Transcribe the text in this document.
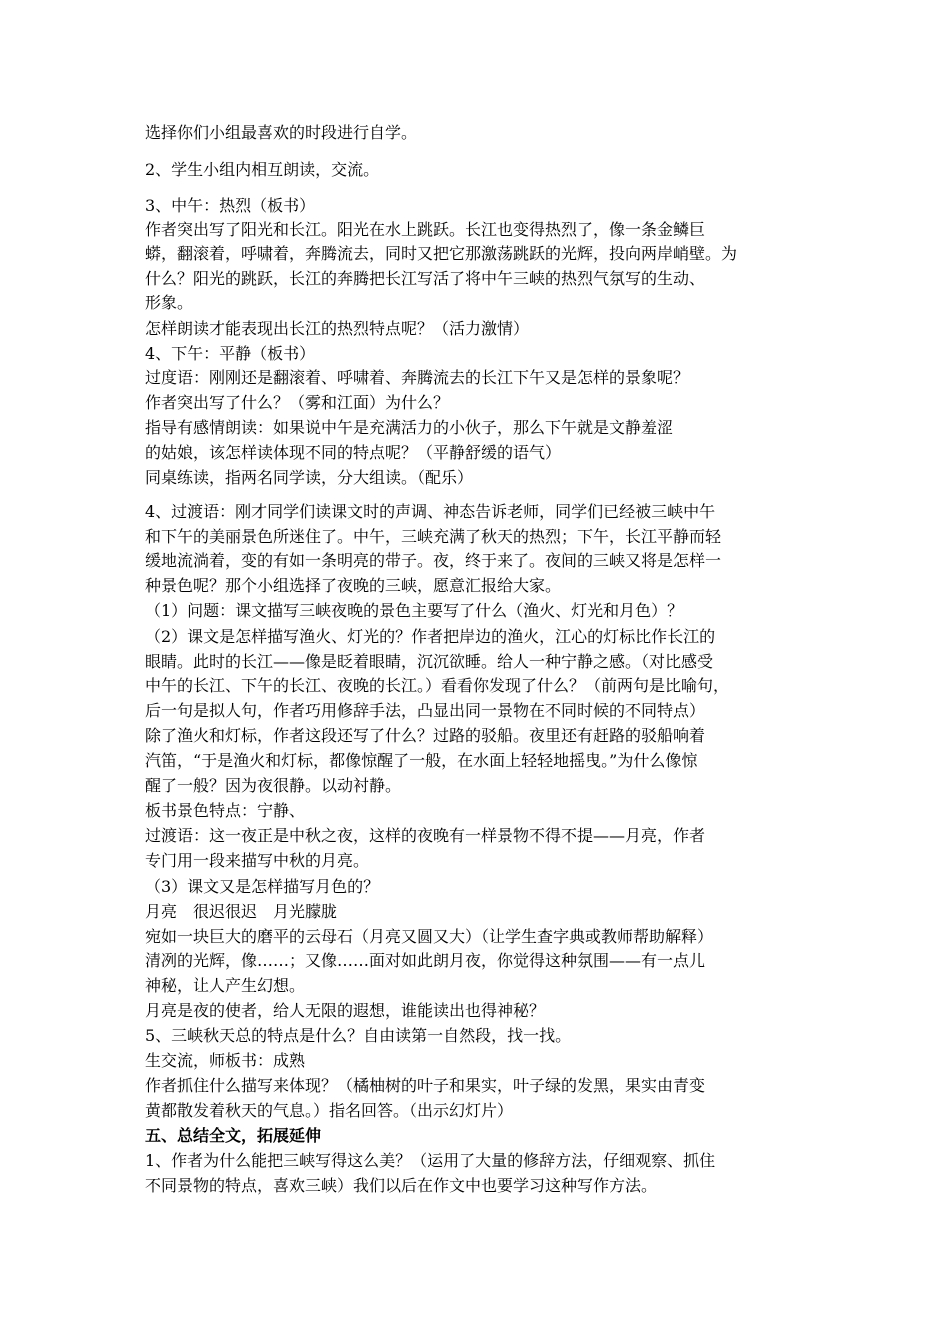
选择你们小组最喜欢的时段进行自学。
2、学生小组内相互朗读，交流。
3、中午：热烈（板书）
作者突出写了阳光和长江。阳光在水上跳跃。长江也变得热烈了，像一条金鳞巨
蟒，翻滚着，呼啸着，奔腾流去，同时又把它那激荡跳跃的光辉，投向两岸峭壁。为
什么？阳光的跳跃，长江的奔腾把长江写活了将中午三峡的热烈气氛写的生动、
形象。
怎样朗读才能表现出长江的热烈特点呢？（活力激情）
4、下午：平静（板书）
过度语：刚刚还是翻滚着、呼啸着、奔腾流去的长江下午又是怎样的景象呢？
作者突出写了什么？（雾和江面）为什么？
指导有感情朗读：如果说中午是充满活力的小伙子，那么下午就是文静羞涩
的姑娘，该怎样读体现不同的特点呢？（平静舒缓的语气）
同桌练读，指两名同学读，分大组读。（配乐）
4、过渡语：刚才同学们读课文时的声调、神态告诉老师，同学们已经被三峡中午
和下午的美丽景色所迷住了。中午，三峡充满了秋天的热烈；下午，长江平静而轻
缓地流淌着，变的有如一条明亮的带子。夜，终于来了。夜间的三峡又将是怎样一
种景色呢？那个小组选择了夜晚的三峡，愿意汇报给大家。
（1）问题：课文描写三峡夜晚的景色主要写了什么（渔火、灯光和月色）？
（2）课文是怎样描写渔火、灯光的？作者把岸边的渔火，江心的灯标比作长江的
眼睛。此时的长江——像是眨着眼睛，沉沉欲睡。给人一种宁静之感。（对比感受
中午的长江、下午的长江、夜晚的长江。）看看你发现了什么？（前两句是比喻句，
后一句是拟人句，作者巧用修辞手法，凸显出同一景物在不同时候的不同特点）
除了渔火和灯标，作者这段还写了什么？过路的驳船。夜里还有赶路的驳船响着
汽笛，“于是渔火和灯标，都像惊醒了一般，在水面上轻轻地摇曳。”为什么像惊
醒了一般？因为夜很静。以动衬静。
板书景色特点：宁静、
过渡语：这一夜正是中秋之夜，这样的夜晚有一样景物不得不提——月亮，作者
专门用一段来描写中秋的月亮。
（3）课文又是怎样描写月色的？
月亮　很迟很迟　月光朦胧
宛如一块巨大的磨平的云母石（月亮又圆又大）（让学生查字典或教师帮助解释）
清冽的光辉，像……；又像……面对如此朗月夜，你觉得这种氛围——有一点儿
神秘，让人产生幻想。
月亮是夜的使者，给人无限的遐想，谁能读出也得神秘？
5、三峡秋天总的特点是什么？自由读第一自然段，找一找。
生交流，师板书：成熟
作者抓住什么描写来体现？（橘柚树的叶子和果实，叶子绿的发黑，果实由青变
黄都散发着秋天的气息。）指名回答。（出示幻灯片）
五、总结全文，拓展延伸
1、作者为什么能把三峡写得这么美？（运用了大量的修辞方法，仔细观察、抓住
不同景物的特点，喜欢三峡）我们以后在作文中也要学习这种写作方法。
